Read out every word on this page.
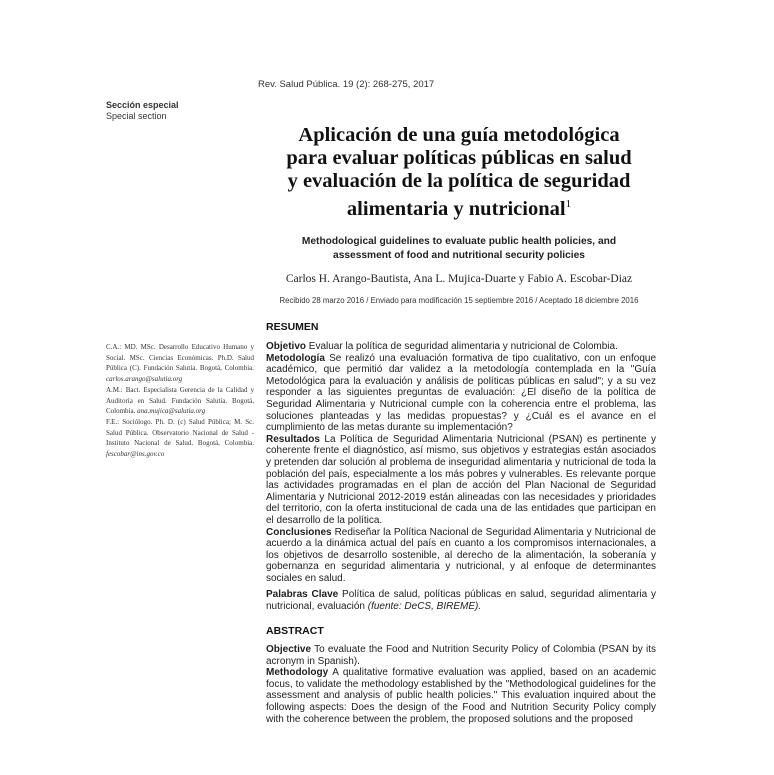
Rev. Salud Pública. 19 (2): 268-275, 2017
Sección especial
Special section
Aplicación de una guía metodológica
para evaluar políticas públicas en salud
y evaluación de la política de seguridad
alimentaria y nutricional$^1$
Methodological guidelines to evaluate public health policies, and
assessment of food and nutritional security policies
Carlos H. Arango-Bautista, Ana L. Mujica-Duarte y Fabio A. Escobar-Diaz
Recibido 28 marzo 2016 / Enviado para modificación 15 septiembre 2016 / Aceptado 18 diciembre 2016

C.A.: MD. MSc. Desarrollo Educativo Humano y Social. MSc. Ciencias Económicas. Ph.D. Salud Pública (C). Fundación Salutia. Bogotá, Colombia. carlos.arango@salutia.org

A.M.: Bact. Especialista Gerencia de la Calidad y Auditoría en Salud. Fundación Salutia. Bogotá, Colombia. ana.mujica@salutia.org

F.E.: Sociólogo. Ph. D. (c) Salud Pública; M. Sc. Salud Pública. Observatorio Nacional de Salud - Instituto Nacional de Salud. Bogotá, Colombia. fescobar@ins.gov.co

RESUMEN

Objetivo Evaluar la política de seguridad alimentaria y nutricional de Colombia.

Metodología Se realizó una evaluación formativa de tipo cualitativo, con un enfoque académico, que permitió dar validez a la metodología contemplada en la "Guía Metodológica para la evaluación y análisis de políticas públicas en salud"; y a su vez responder a las siguientes preguntas de evaluación: ¿El diseño de la política de Seguridad Alimentaria y Nutricional cumple con la coherencia entre el problema, las soluciones planteadas y las medidas propuestas? y ¿Cuál es el avance en el cumplimiento de las metas durante su implementación?

Resultados La Política de Seguridad Alimentaria Nutricional (PSAN) es pertinente y coherente frente el diagnóstico, así mismo, sus objetivos y estrategias están asociados y pretenden dar solución al problema de inseguridad alimentaria y nutricional de toda la población del país, especialmente a los más pobres y vulnerables. Es relevante porque las actividades programadas en el plan de acción del Plan Nacional de Seguridad Alimentaria y Nutricional 2012-2019 están alineadas con las necesidades y prioridades del territorio, con la oferta institucional de cada una de las entidades que participan en el desarrollo de la política.

Conclusiones Rediseñar la Política Nacional de Seguridad Alimentaria y Nutricional de acuerdo a la dinámica actual del país en cuanto a los compromisos internacionales, a los objetivos de desarrollo sostenible, al derecho de la alimentación, la soberanía y gobernanza en seguridad alimentaria y nutricional, y al enfoque de determinantes sociales en salud.

Palabras Clave Política de salud, políticas públicas en salud, seguridad alimentaria y nutricional, evaluación (fuente: DeCS, BIREME).

ABSTRACT

Objective To evaluate the Food and Nutrition Security Policy of Colombia (PSAN by its acronym in Spanish).

Methodology A qualitative formative evaluation was applied, based on an academic focus, to validate the methodology established by the "Methodological guidelines for the assessment and analysis of public health policies." This evaluation inquired about the following aspects: Does the design of the Food and Nutrition Security Policy comply with the coherence between the problem, the proposed solutions and the proposed
